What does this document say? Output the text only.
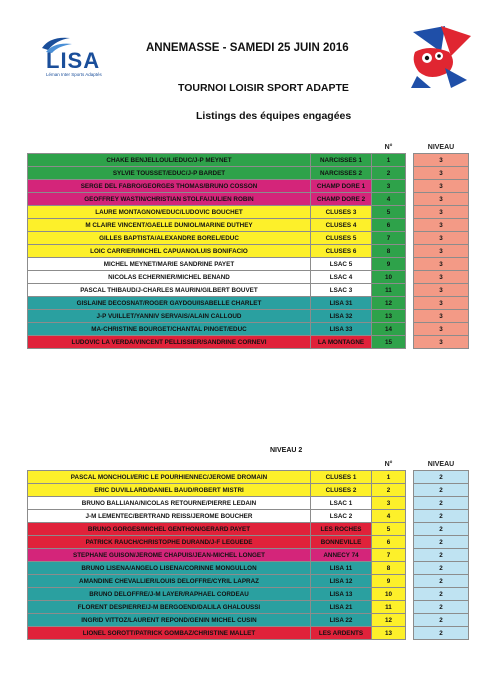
LISA
Léman Inter Sports Adaptés
ANNEMASSE - SAMEDI 25 JUIN 2016
TOURNOI LOISIR SPORT ADAPTE
Listings des équipes engagées
		N°		NIVEAU
CHAKE BENJELLOUL/EDUC/J-P MEYNET	NARCISSES 1	1		3
SYLVIE TOUSSET/EDUC/J-P BARDET	NARCISSES 2	2		3
SERGE DEL FABRO/GEORGES THOMAS/BRUNO COSSON	CHAMP DORE 1	3		3
GEOFFREY WASTIN/CHRISTIAN STOLFA/JULIEN ROBIN	CHAMP DORE 2	4		3
LAURE MONTAGNON/EDUC/LUDOVIC BOUCHET	CLUSES 3	5		3
M CLAIRE VINCENT/GAELLE DUNIOL/MARINE DUTHEY	CLUSES 4	6		3
GILLES BAPTISTA/ALEXANDRE BOREL/EDUC	CLUSES 5	7		3
LOIC CARRIER/MICHEL CAPUANO/LUIS BONIFACIO	CLUSES 6	8		3
MICHEL MEYNET/MARIE SANDRINE PAYET	LSAC 5	9		3
NICOLAS ECHERNIER/MICHEL BENAND	LSAC 4	10		3
PASCAL THIBAUD/J-CHARLES MAURIN/GILBERT BOUVET	LSAC 3	11		3
GISLAINE DECOSNAT/ROGER GAYDOU/ISABELLE CHARLET	LISA 31	12		3
J-P VUILLET/YANNIV SERVAIS/ALAIN CALLOUD	LISA 32	13		3
MA-CHRISTINE BOURGET/CHANTAL PINGET/EDUC	LISA 33	14		3
LUDOVIC LA VERDA/VINCENT PELLISSIER/SANDRINE CORNEVI	LA MONTAGNE	15		3
NIVEAU 2
		N°		NIVEAU
PASCAL MONCHOLI/ERIC LE POURHIENNEC/JEROME DROMAIN	CLUSES 1	1		2
ERIC DUVILLARD/DANIEL BAUD/ROBERT MISTRI	CLUSES 2	2		2
BRUNO BALLIANA/NICOLAS RETOURNE/PIERRE LEDAIN	LSAC 1	3		2
J-M LEMENTEC/BERTRAND REISS/JEROME BOUCHER	LSAC 2	4		2
BRUNO GORGES/MICHEL GENTHON/GERARD PAYET	LES ROCHES	5		2
PATRICK RAUCH/CHRISTOPHE DURAND/J-F LEGUEDE	BONNEVILLE	6		2
STEPHANE GUISON/JEROME CHAPUIS/JEAN-MICHEL LONGET	ANNECY 74	7		2
BRUNO LISENA/ANGELO LISENA/CORINNE MONGULLON	LISA 11	8		2
AMANDINE CHEVALLIER/LOUIS DELOFFRE/CYRIL LAPRAZ	LISA 12	9		2
BRUNO DELOFFRE/J-M LAYER/RAPHAEL CORDEAU	LISA 13	10		2
FLORENT DESPIERRE/J-M BERGOEND/DALILA GHALOUSSI	LISA 21	11		2
INGRID VITTOZ/LAURENT REPOND/GENIN MICHEL CUSIN	LISA 22	12		2
LIONEL SOROTT/PATRICK GOMBAZ/CHRISTINE MALLET	LES ARDENTS	13		2
